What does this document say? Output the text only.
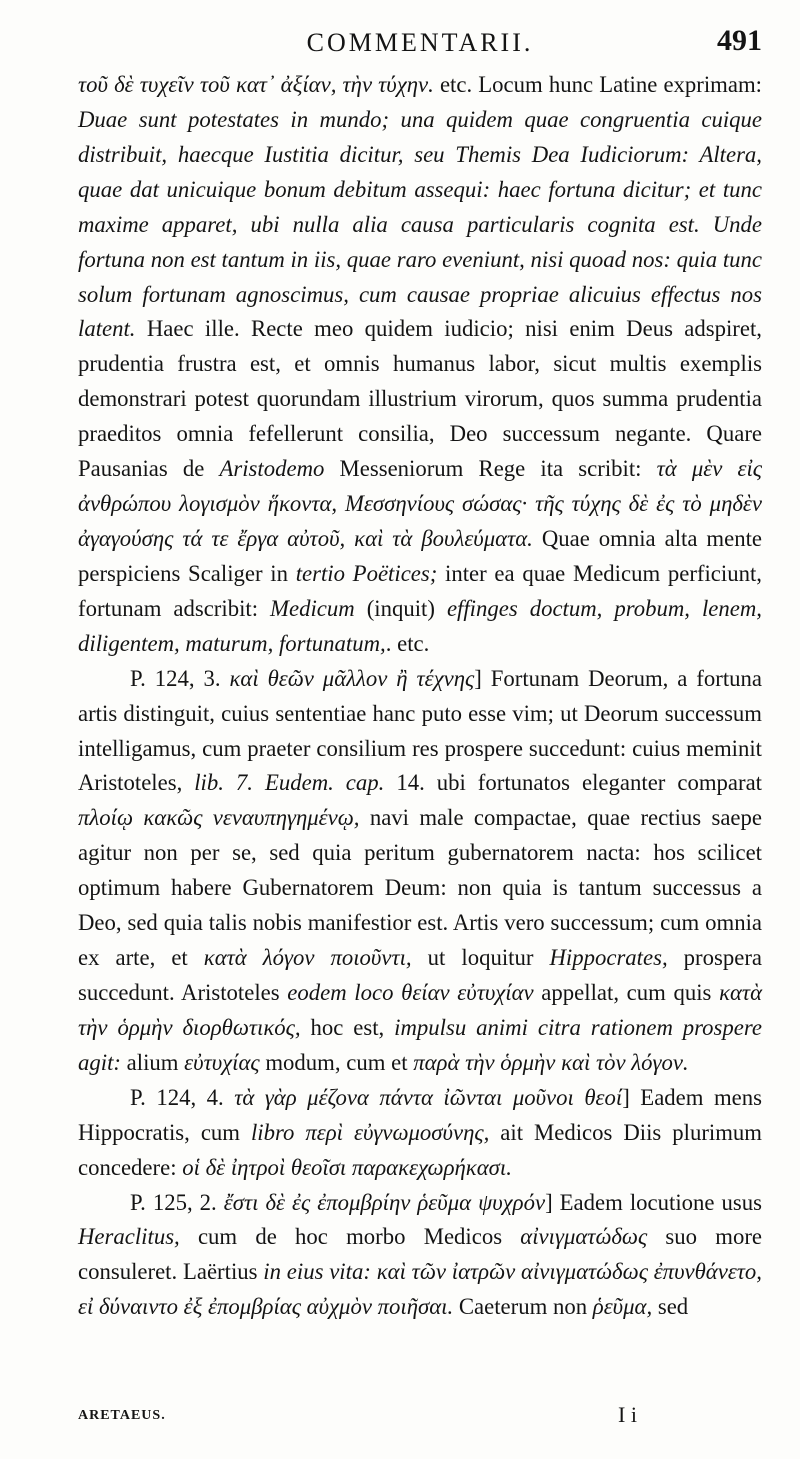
COMMENTARII.	491

τοῦ δὲ τυχεῖν τοῦ κατ᾽ ἀξίαν, τὴν τύχην. etc. Locum hunc Latine exprimam: Duae sunt potestates in mundo; una quidem quae congruentia cuique distribuit, haecque Iustitia dicitur, seu Themis Dea Iudiciorum: Altera, quae dat unicuique bonum debitum assequi: haec fortuna dicitur; et tunc maxime apparet, ubi nulla alia causa particularis cognita est. Unde fortuna non est tantum in iis, quae raro eveniunt, nisi quoad nos: quia tunc solum fortunam agnoscimus, cum causae propriae alicuius effectus nos latent. Haec ille. Recte meo quidem iudicio; nisi enim Deus adspiret, prudentia frustra est, et omnis humanus labor, sicut multis exemplis demonstrari potest quorundam illustrium virorum, quos summa prudentia praeditos omnia fefellerunt consilia, Deo successum negante. Quare Pausanias de Aristodemo Messeniorum Rege ita scribit: τὰ μὲν εἰς ἀνθρώπου λογισμὸν ἥκοντα, Μεσσηνίους σώσας· τῆς τύχης δὲ ἐς τὸ μηδὲν ἀγαγούσης τά τε ἔργα αὐτοῦ, καὶ τὰ βουλεύματα. Quae omnia alta mente perspiciens Scaliger in tertio Poëtices; inter ea quae Medicum perficiunt, fortunam adscribit: Medicum (inquit) effinges doctum, probum, lenem, diligentem, maturum, fortunatum,. etc.

P. 124, 3. καὶ θεῶν μᾶλλον ἢ τέχνης] Fortunam Deorum, a fortuna artis distinguit, cuius sententiae hanc puto esse vim; ut Deorum successum intelligamus, cum praeter consilium res prospere succedunt: cuius meminit Aristoteles, lib. 7. Eudem. cap. 14. ubi fortunatos eleganter comparat πλοίῳ κακῶς νεναυπηγημένῳ, navi male compactae, quae rectius saepe agitur non per se, sed quia peritum gubernatorem nacta: hos scilicet optimum habere Gubernatorem Deum: non quia is tantum successus a Deo, sed quia talis nobis manifestior est. Artis vero successum; cum omnia ex arte, et κατὰ λόγον ποιοῦντι, ut loquitur Hippocrates, prospera succedunt. Aristoteles eodem loco θείαν εὐτυχίαν appellat, cum quis κατὰ τὴν ὁρμὴν διορθωτικός, hoc est, impulsu animi citra rationem prospere agit: alium εὐτυχίας modum, cum et παρὰ τὴν ὁρμὴν καὶ τὸν λόγον.

P. 124, 4. τὰ γὰρ μέζονα πάντα ἰῶνται μοῦνοι θεοί] Eadem mens Hippocratis, cum libro περὶ εὐγνωμοσύνης, ait Medicos Diis plurimum concedere: οἱ δὲ ἰητροὶ θεοῖσι παρακεχωρήκασι.

P. 125, 2. ἔστι δὲ ἐς ἐπομβρίην ῥεῦμα ψυχρόν] Eadem locutione usus Heraclitus, cum de hoc morbo Medicos αἰνιγματώδως suo more consuleret. Laërtius in eius vita: καὶ τῶν ἰατρῶν αἰνιγματώδως ἐπυνθάνετο, εἰ δύναιντο ἐξ ἐπομβρίας αὐχμὸν ποιῆσαι. Caeterum non ῥεῦμα, sed

ARETAEUS.	I i
